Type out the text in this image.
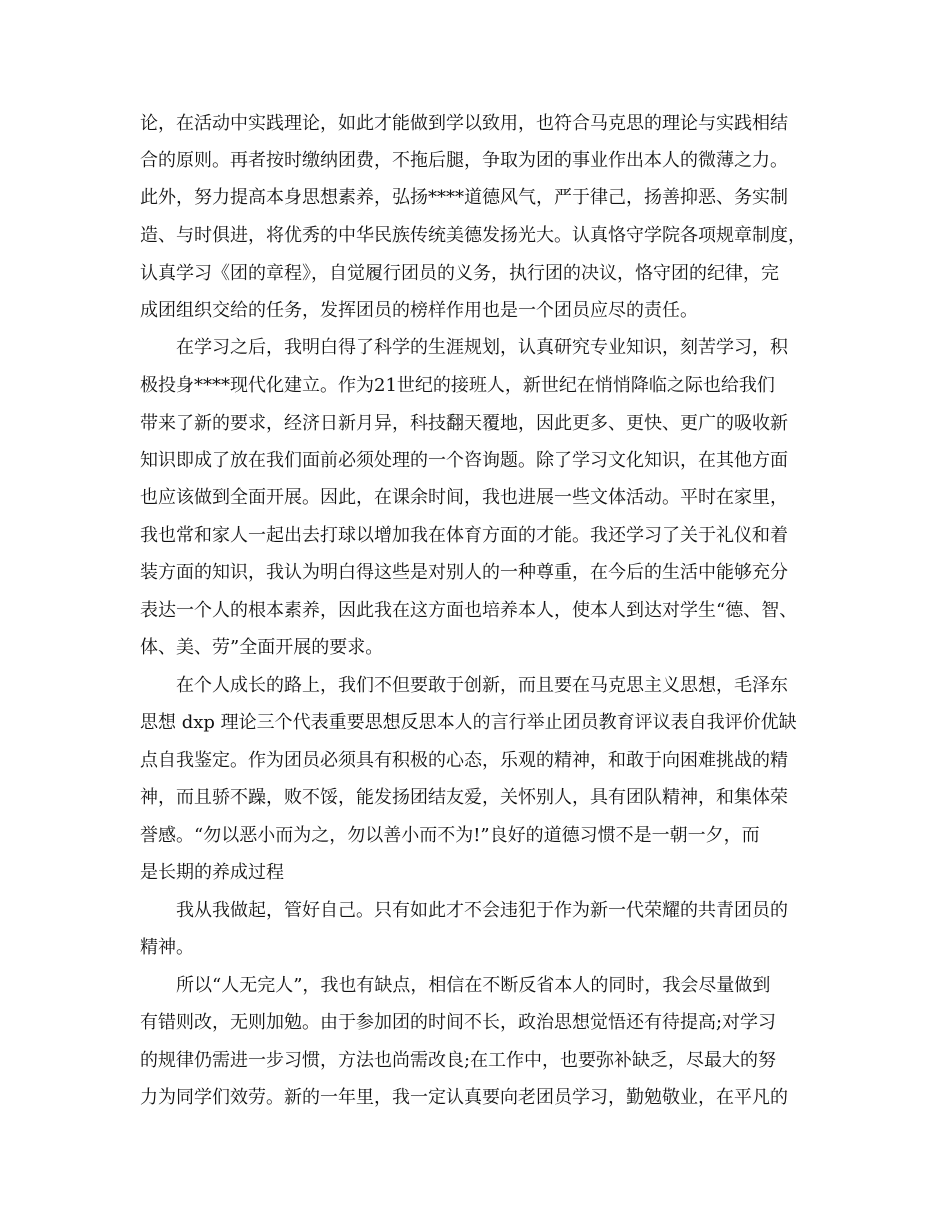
论，在活动中实践理论，如此才能做到学以致用，也符合马克思的理论与实践相结
合的原则。再者按时缴纳团费，不拖后腿，争取为团的事业作出本人的微薄之力。
此外，努力提高本身思想素养，弘扬****道德风气，严于律己，扬善抑恶、务实制
造、与时俱进，将优秀的中华民族传统美德发扬光大。认真恪守学院各项规章制度，
认真学习《团的章程》，自觉履行团员的义务，执行团的决议，恪守团的纪律，完
成团组织交给的任务，发挥团员的榜样作用也是一个团员应尽的责任。
在学习之后，我明白得了科学的生涯规划，认真研究专业知识，刻苦学习，积
极投身****现代化建立。作为21世纪的接班人，新世纪在悄悄降临之际也给我们
带来了新的要求，经济日新月异，科技翻天覆地，因此更多、更快、更广的吸收新
知识即成了放在我们面前必须处理的一个咨询题。除了学习文化知识，在其他方面
也应该做到全面开展。因此，在课余时间，我也进展一些文体活动。平时在家里，
我也常和家人一起出去打球以增加我在体育方面的才能。我还学习了关于礼仪和着
装方面的知识，我认为明白得这些是对别人的一种尊重，在今后的生活中能够充分
表达一个人的根本素养，因此我在这方面也培养本人，使本人到达对学生“德、智、
体、美、劳”全面开展的要求。
在个人成长的路上，我们不但要敢于创新，而且要在马克思主义思想，毛泽东
思想 dxp 理论三个代表重要思想反思本人的言行举止团员教育评议表自我评价优缺
点自我鉴定。作为团员必须具有积极的心态，乐观的精神，和敢于向困难挑战的精
神，而且骄不躁，败不馁，能发扬团结友爱，关怀别人，具有团队精神，和集体荣
誉感。“勿以恶小而为之，勿以善小而不为!”良好的道德习惯不是一朝一夕，而
是长期的养成过程
我从我做起，管好自己。只有如此才不会违犯于作为新一代荣耀的共青团员的
精神。
所以“人无完人”，我也有缺点，相信在不断反省本人的同时，我会尽量做到
有错则改，无则加勉。由于参加团的时间不长，政治思想觉悟还有待提高;对学习
的规律仍需进一步习惯，方法也尚需改良;在工作中，也要弥补缺乏，尽最大的努
力为同学们效劳。新的一年里，我一定认真要向老团员学习，勤勉敬业，在平凡的
